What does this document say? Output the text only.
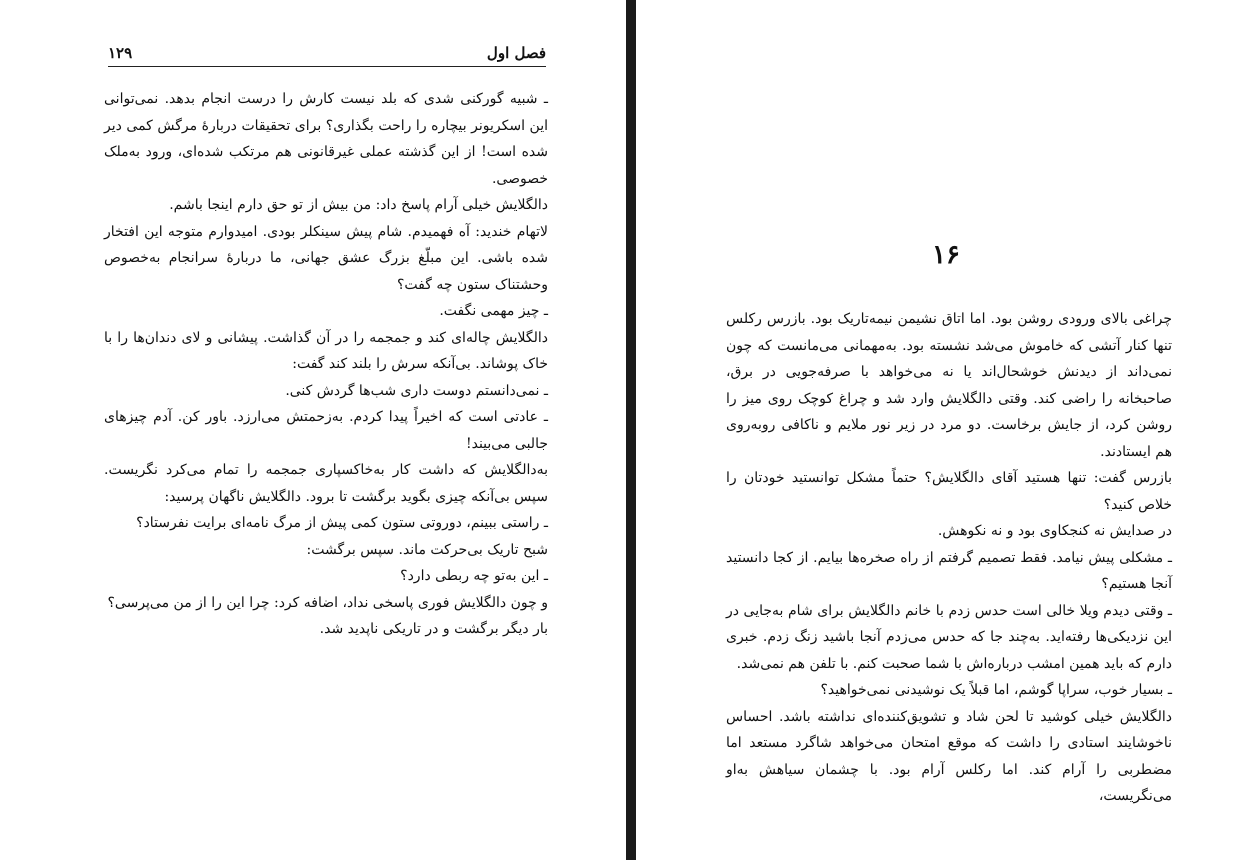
۱۲۹	فصل اول

ـ شبیه گورکنی شدی که بلد نیست کارش را درست انجام بدهد. نمی‌توانی این اسکریونر بیچاره را راحت بگذاری؟ برای تحقیقات دربارهٔ مرگش کمی دیر شده است! از این گذشته عملی غیرقانونی هم مرتکب شده‌ای، ورود به‌ملک خصوصی.

دالگلایش خیلی آرام پاسخ داد: من بیش از تو حق دارم اینجا باشم.

لاتهام خندید: آه فهمیدم. شام پیش سینکلر بودی. امیدوارم متوجه این افتخار شده باشی. این مبلّغ بزرگ عشق جهانی، ما دربارهٔ سرانجام به‌خصوص وحشتناک ستون چه گفت؟

ـ چیز مهمی نگفت.

دالگلایش چاله‌ای کند و جمجمه را در آن گذاشت. پیشانی و لای دندان‌ها را با خاک پوشاند. بی‌آنکه سرش را بلند کند گفت:

ـ نمی‌دانستم دوست داری شب‌ها گردش کنی.

ـ عادتی است که اخیراً پیدا کردم. به‌زحمتش می‌ارزد. باور کن. آدم چیزهای جالبی می‌بیند!

به‌دالگلایش که داشت کار به‌خاکسپاری جمجمه را تمام می‌کرد نگریست. سپس بی‌آنکه چیزی بگوید برگشت تا برود. دالگلایش ناگهان پرسید:

ـ راستی ببینم، دوروتی ستون کمی پیش از مرگ نامه‌ای برایت نفرستاد؟

شبح تاریک بی‌حرکت ماند. سپس برگشت:

ـ این به‌تو چه ربطی دارد؟

و چون دالگلایش فوری پاسخی نداد، اضافه کرد: چرا این را از من می‌پرسی؟

بار دیگر برگشت و در تاریکی ناپدید شد.

۱۶

چراغی بالای ورودی روشن بود. اما اتاق نشیمن نیمه‌تاریک بود. بازرس رکلس تنها کنار آتشی که خاموش می‌شد نشسته بود. به‌مهمانی می‌مانست که چون نمی‌داند از دیدنش خوشحال‌اند یا نه می‌خواهد با صرفه‌جویی در برق، صاحبخانه را راضی کند. وقتی دالگلایش وارد شد و چراغ کوچک روی میز را روشن کرد، از جایش برخاست. دو مرد در زیر نور ملایم و ناکافی روبه‌روی هم ایستادند.

بازرس گفت: تنها هستید آقای دالگلایش؟ حتماً مشکل توانستید خودتان را خلاص کنید؟

در صدایش نه کنجکاوی بود و نه نکوهش.

ـ مشکلی پیش نیامد. فقط تصمیم گرفتم از راه صخره‌ها بیایم. از کجا دانستید آنجا هستیم؟

ـ وقتی دیدم ویلا خالی است حدس زدم با خانم دالگلایش برای شام به‌جایی در این نزدیکی‌ها رفته‌اید. به‌چند جا که حدس می‌زدم آنجا باشید زنگ زدم. خبری دارم که باید همین امشب درباره‌اش با شما صحبت کنم. با تلفن هم نمی‌شد.

ـ بسیار خوب، سراپا گوشم، اما قبلاً یک نوشیدنی نمی‌خواهید؟

دالگلایش خیلی کوشید تا لحن شاد و تشویق‌کننده‌ای نداشته باشد. احساس ناخوشایند استادی را داشت که موقع امتحان می‌خواهد شاگرد مستعد اما مضطربی را آرام کند. اما رکلس آرام بود. با چشمان سیاهش به‌او می‌نگریست،
